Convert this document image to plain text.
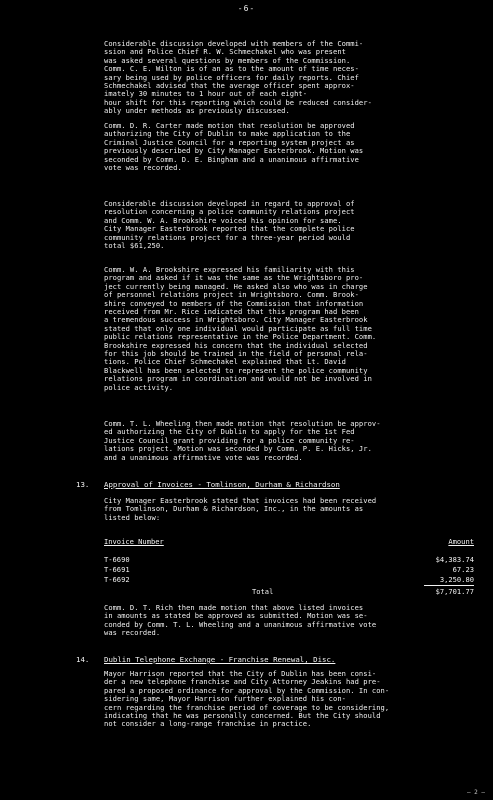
-6-
Considerable discussion developed with members of the Commi-
ssion and Police Chief R. W. Schmechakel who was present
was asked several questions by members of the Commission.
Comm. C. E. Wilton is of an as to the amount of time neces-
sary being used by police officers for daily reports. Chief
Schmechakel advised that the average officer spent approx-
imately 30 minutes to 1 hour out of each eight-
hour shift for this reporting which could be reduced consider-
ably under methods as previously discussed.
Comm. D. R. Carter made motion that resolution be approved
authorizing the City of Dublin to make application to the
Criminal Justice Council for a reporting system project as
previously described by City Manager Easterbrook. Motion was
seconded by Comm. D. E. Bingham and a unanimous affirmative
vote was recorded.
Considerable discussion developed in regard to approval of
resolution concerning a police community relations project
and Comm. W. A. Brookshire voiced his opinion for same.
City Manager Easterbrook reported that the complete police
community relations project for a three-year period would
total $61,250.
Comm. W. A. Brookshire expressed his familiarity with this
program and asked if it was the same as the Wrightsboro pro-
ject currently being managed. He asked also who was in charge
of personnel relations project in Wrightsboro. Comm. Brook-
shire conveyed to members of the Commission that information
received from Mr. Rice indicated that this program had been
a tremendous success in Wrightsboro. City Manager Easterbrook
stated that only one individual would participate as full time
public relations representative in the Police Department. Comm.
Brookshire expressed his concern that the individual selected
for this job should be trained in the field of personal rela-
tions. Police Chief Schmechakel explained that Lt. David
Blackwell has been selected to represent the police community
relations program in coordination and would not be involved in
police activity.
Comm. T. L. Wheeling then made motion that resolution be approv-
ed authorizing the City of Dublin to apply for the 1st Fed
Justice Council grant providing for a police community re-
lations project. Motion was seconded by Comm. P. E. Hicks, Jr.
and a unanimous affirmative vote was recorded.
13. Approval of Invoices - Tomlinson, Durham & Richardson
City Manager Easterbrook stated that invoices had been received
from Tomlinson, Durham & Richardson, Inc., in the amounts as
listed below:
Invoice Number	Amount
T-6690	$4,383.74
T-6691	67.23
T-6692	3,250.80
Total	$7,701.77
Comm. D. T. Rich then made motion that above listed invoices
in amounts as stated be approved as submitted. Motion was se-
conded by Comm. T. L. Wheeling and a unanimous affirmative vote
was recorded.
14. Dublin Telephone Exchange - Franchise Renewal, Disc.
Mayor Harrison reported that the City of Dublin has been consi-
der a new telephone franchise and City Attorney Jeakins had pre-
pared a proposed ordinance for approval by the Commission. In con-
sidering same, Mayor Harrison further explained his con-
cern regarding the franchise period of coverage to be considering,
indicating that he was personally concerned. But the City should
not consider a long-range franchise in practice.
— 2 —
